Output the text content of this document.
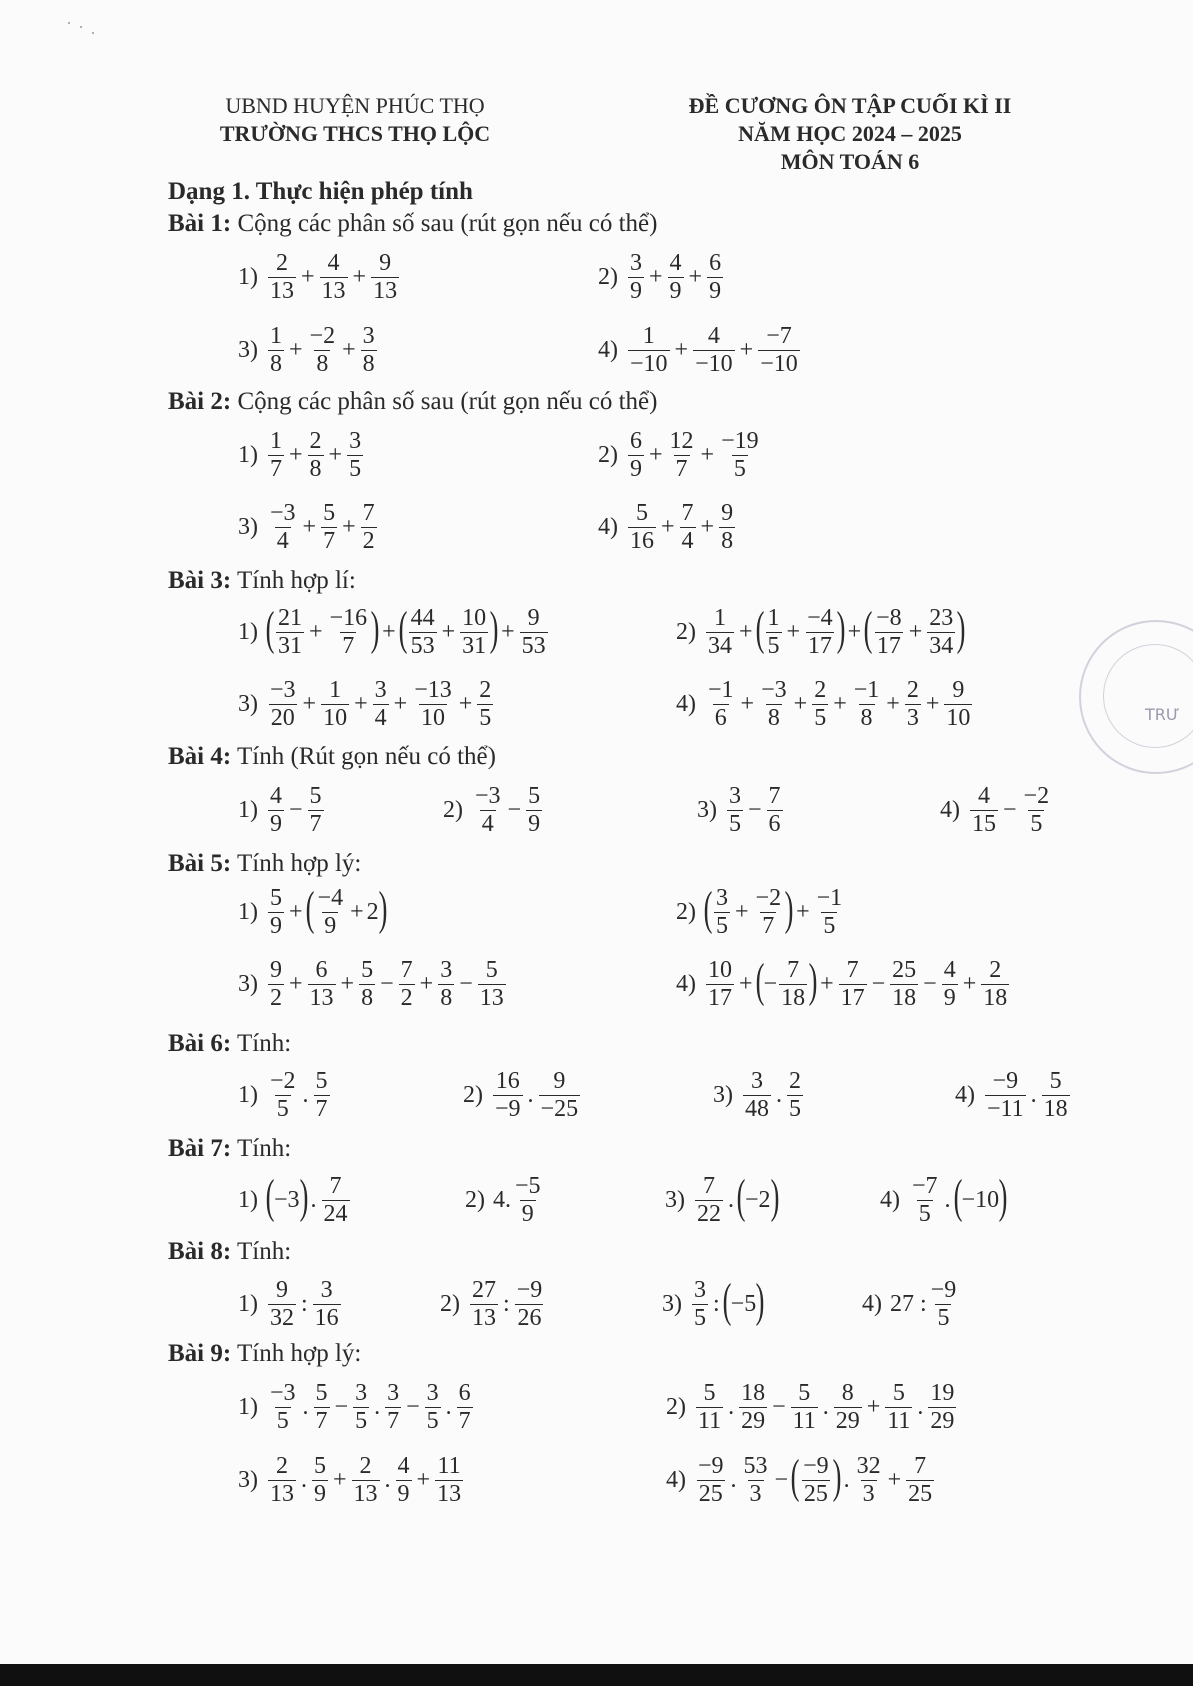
UBND HUYỆN PHÚC THỌ
TRƯỜNG THCS THỌ LỘC
ĐỀ CƯƠNG ÔN TẬP CUỐI KÌ II
NĂM HỌC 2024 – 2025
MÔN TOÁN 6
Dạng 1. Thực hiện phép tính
Bài 1: Cộng các phân số sau (rút gọn nếu có thể)
1)
2
13
+ $\frac{4}{13} + \frac{9}{13}$	2)
3
9
+ $\frac{4}{9} + \frac{6}{9}$
3)
1
8
+ $\frac{-2}{8} + \frac{3}{8}$	4)
1
−10
+ $\frac{4}{-10} + \frac{-7}{-10}$
Bài 2: Cộng các phân số sau (rút gọn nếu có thể)
1)
1
7
+ $\frac{2}{8} + \frac{3}{5}$	2)
6
9
+ $\frac{12}{7} + \frac{-19}{5}$
3)
−3
4
+ $\frac{5}{7} + \frac{7}{2}$	4)
5
16
+ $\frac{7}{4} + \frac{9}{8}$
Bài 3: Tính hợp lí:
1) ( 21
31
+ $\frac{-16}{7}$ ) + ( 44
53
+ $\frac{10}{31}$ ) + $\frac{9}{53}$	2)
1
34
+ ( 1
5
+ $\frac{-4}{17}$ ) + ( −8
17
+ $\frac{23}{34}$ )
3)
−3
20
+ $\frac{1}{10} + \frac{3}{4} + \frac{-13}{10} + \frac{2}{5}$	4)
−1
6
+ $\frac{-3}{8} + \frac{2}{5} + \frac{-1}{8} + \frac{2}{3} + \frac{9}{10}$
Bài 4: Tính (Rút gọn nếu có thể)
1)
4
9
− $\frac{5}{7}$	2)
−3
4
− $\frac{5}{9}$	3)
3
5
− $\frac{7}{6}$	4)
4
15
− $\frac{-2}{5}$
Bài 5: Tính hợp lý:
1)
5
9
+ ( −4
9
+ 2 )	2) ( 3
5
+ $\frac{-2}{7}$ ) + $\frac{-1}{5}$
3)
9
2
+ $\frac{6}{13} + \frac{5}{8} - \frac{7}{2} + \frac{3}{8} - \frac{5}{13}$	4)
10
17
+ ( − $\frac{7}{18}$ ) + $\frac{7}{17} - \frac{25}{18} - \frac{4}{9} + \frac{2}{18}$
Bài 6: Tính:
1)
−2
5
.
5
7
2)
16
−9
.
9
−25
3)
3
48
.
2
5
4)
−9
−11
.
5
18
Bài 7: Tính:
1) ( −3 ) .
7
24
2) 4.
−5
9
3)
7
22
. ( −2 )	4)
−7
5
. ( −10 )
Bài 8: Tính:
1)
9
32
:
3
16
2)
27
13
:
−9
26
3)
3
5
: ( −5 )	4) 27 :
−9
5
Bài 9: Tính hợp lý:
1)
−3
5
.
5
7
− $\frac{3}{5}$ .
3
7
− $\frac{3}{5}$ .
6
7
2)
5
11
.
18
29
− $\frac{5}{11}$ .
8
29
+ $\frac{5}{11}$ .
19
29
3)
2
13
.
5
9
+ $\frac{2}{13}$ .
4
9
+ $\frac{11}{13}$	4)
−9
25
.
53
3
− ( −9
25 ) .
32
3
+ $\frac{7}{25}$
TRƯ
